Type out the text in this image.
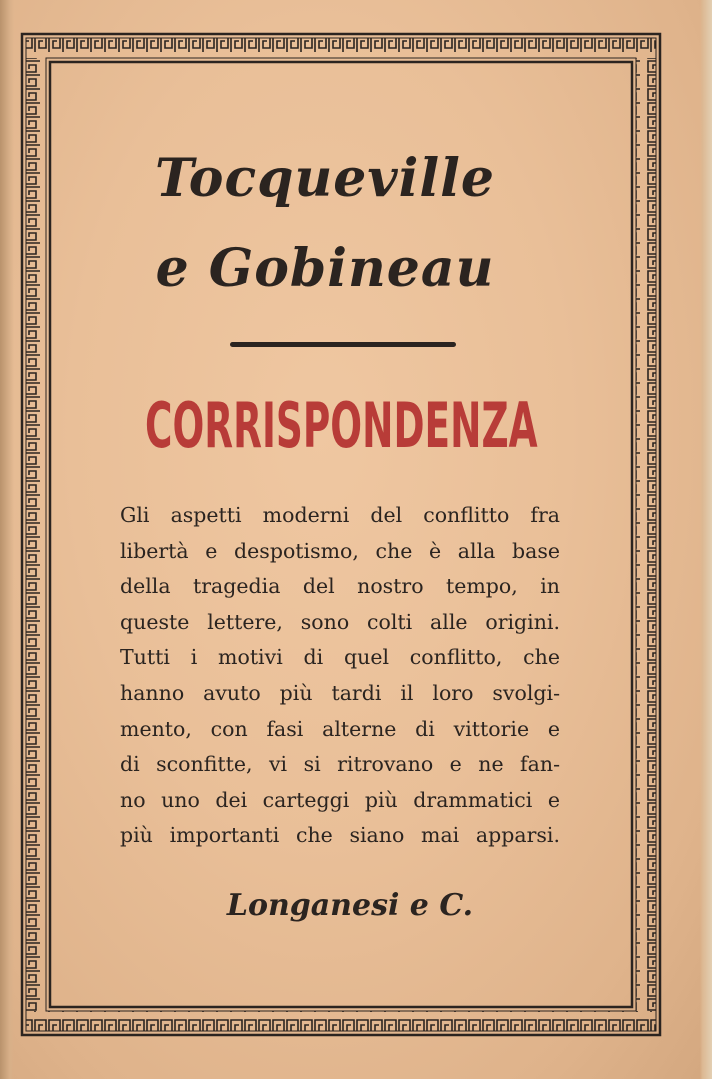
Tocqueville
e Gobineau
CORRISPONDENZA
Gli aspetti moderni del conflitto fra
libertà e despotismo, che è alla base
della tragedia del nostro tempo, in
queste lettere, sono colti alle origini.
Tutti i motivi di quel conflitto, che
hanno avuto più tardi il loro svolgi-
mento, con fasi alterne di vittorie e
di sconfitte, vi si ritrovano e ne fan-
no uno dei carteggi più drammatici e
più importanti che siano mai apparsi.
Longanesi e C.
